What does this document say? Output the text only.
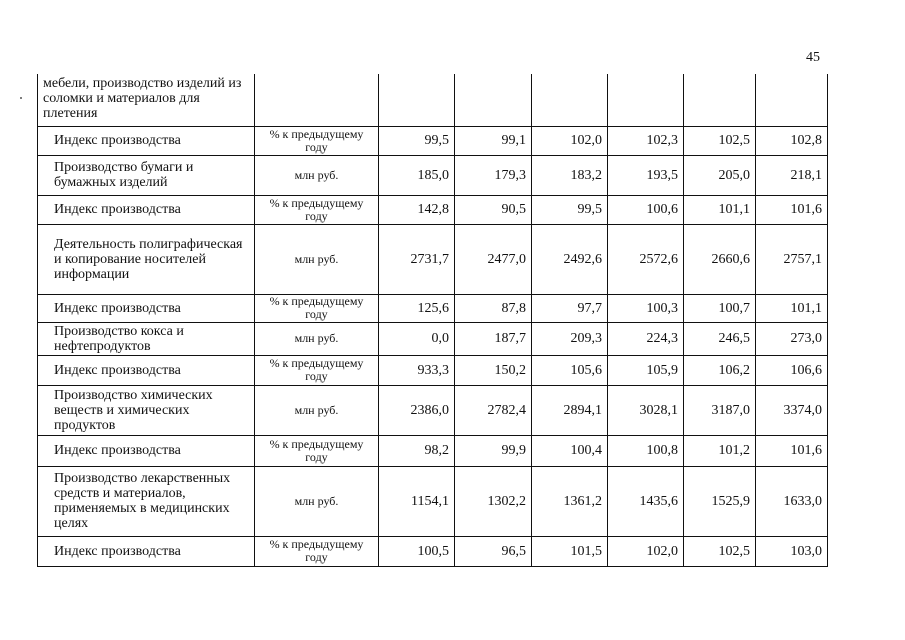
45
мебели, производство изделий из соломки и материалов для плетения							
Индекс производства	% к предыдущему году	99,5	99,1	102,0	102,3	102,5	102,8
Производство бумаги и бумажных изделий	млн руб.	185,0	179,3	183,2	193,5	205,0	218,1
Индекс производства	% к предыдущему году	142,8	90,5	99,5	100,6	101,1	101,6
Деятельность полиграфическая и копирование носителей информации	млн руб.	2731,7	2477,0	2492,6	2572,6	2660,6	2757,1
Индекс производства	% к предыдущему году	125,6	87,8	97,7	100,3	100,7	101,1
Производство кокса и нефтепродуктов	млн руб.	0,0	187,7	209,3	224,3	246,5	273,0
Индекс производства	% к предыдущему году	933,3	150,2	105,6	105,9	106,2	106,6
Производство химических веществ и химических продуктов	млн руб.	2386,0	2782,4	2894,1	3028,1	3187,0	3374,0
Индекс производства	% к предыдущему году	98,2	99,9	100,4	100,8	101,2	101,6
Производство лекарственных средств и материалов, применяемых в медицинских целях	млн руб.	1154,1	1302,2	1361,2	1435,6	1525,9	1633,0
Индекс производства	% к предыдущему году	100,5	96,5	101,5	102,0	102,5	103,0
